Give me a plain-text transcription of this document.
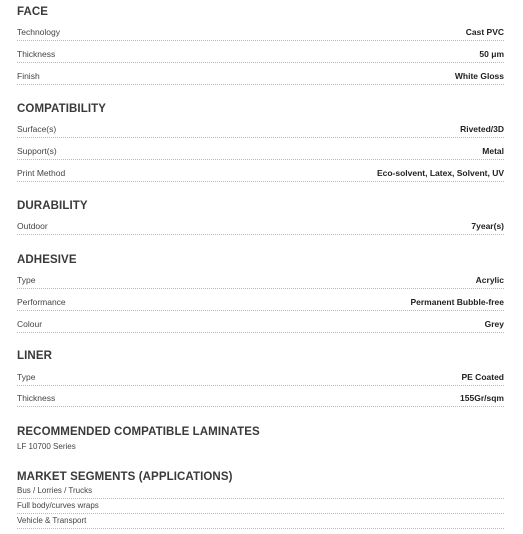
FACE
Technology	Cast PVC
Thickness	50 μm
Finish	White Gloss
COMPATIBILITY
Surface(s)	Riveted/3D
Support(s)	Metal
Print Method	Eco-solvent, Latex, Solvent, UV
DURABILITY
Outdoor	7year(s)
ADHESIVE
Type	Acrylic
Performance	Permanent Bubble-free
Colour	Grey
LINER
Type	PE Coated
Thickness	155Gr/sqm
RECOMMENDED COMPATIBLE LAMINATES
LF 10700 Series
MARKET SEGMENTS (APPLICATIONS)
Bus / Lorries / Trucks
Full body/curves wraps
Vehicle & Transport
